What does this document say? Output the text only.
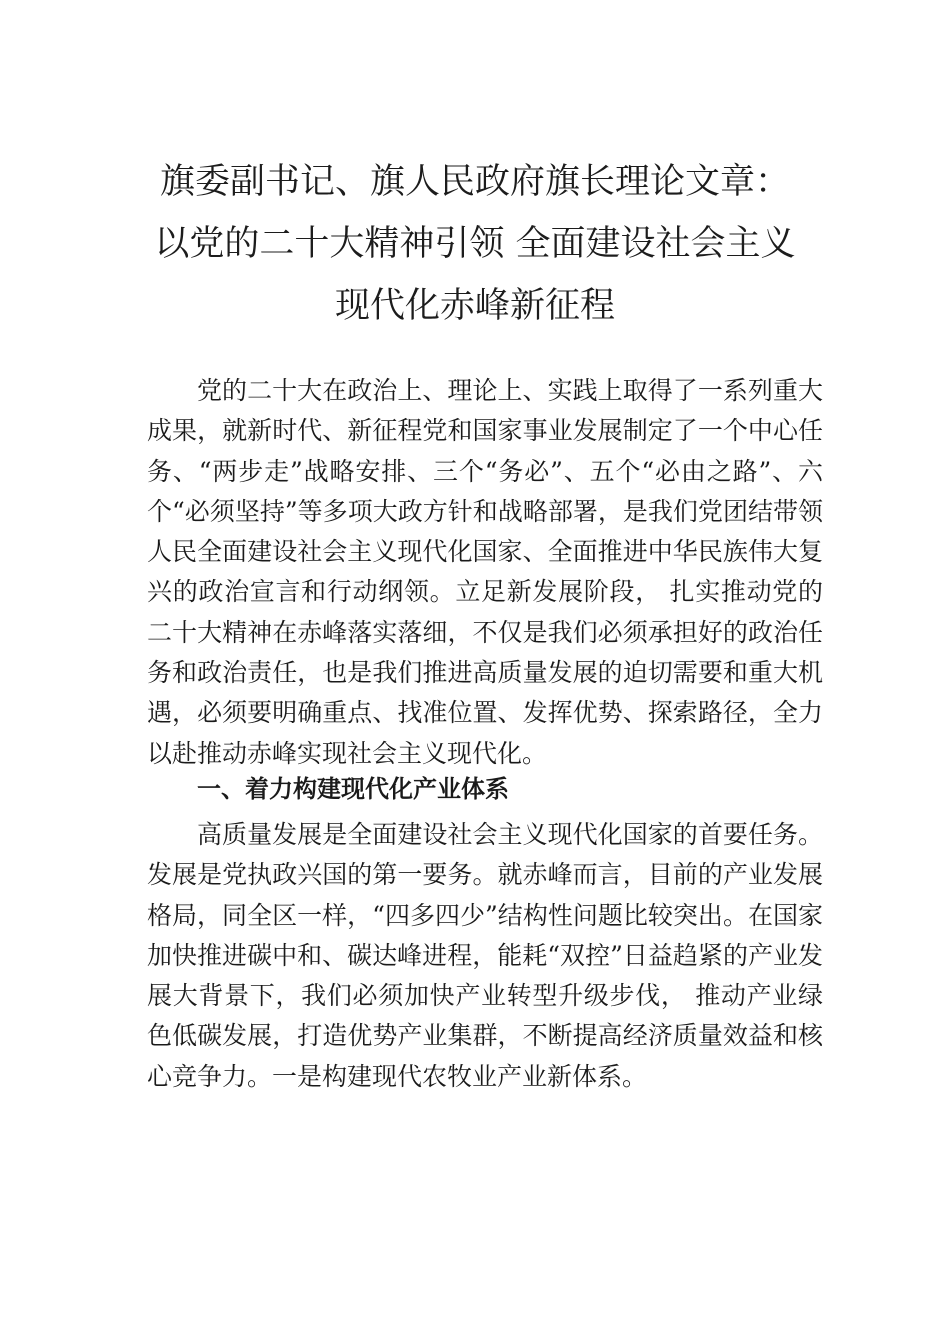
旗委副书记、旗人民政府旗长理论文章：
以党的二十大精神引领 全面建设社会主义
现代化赤峰新征程

党的二十大在政治上、理论上、实践上取得了一系列重大成果，就新时代、新征程党和国家事业发展制定了一个中心任务、“两步走”战略安排、三个“务必”、五个“必由之路”、六个“必须坚持”等多项大政方针和战略部署，是我们党团结带领人民全面建设社会主义现代化国家、全面推进中华民族伟大复兴的政治宣言和行动纲领。立足新发展阶段， 扎实推动党的二十大精神在赤峰落实落细，不仅是我们必须承担好的政治任务和政治责任，也是我们推进高质量发展的迫切需要和重大机遇，必须要明确重点、找准位置、发挥优势、探索路径，全力以赴推动赤峰实现社会主义现代化。

一、着力构建现代化产业体系

高质量发展是全面建设社会主义现代化国家的首要任务。发展是党执政兴国的第一要务。就赤峰而言，目前的产业发展格局，同全区一样，“四多四少”结构性问题比较突出。在国家加快推进碳中和、碳达峰进程，能耗“双控”日益趋紧的产业发展大背景下，我们必须加快产业转型升级步伐， 推动产业绿色低碳发展，打造优势产业集群，不断提高经济质量效益和核心竞争力。一是构建现代农牧业产业新体系。
